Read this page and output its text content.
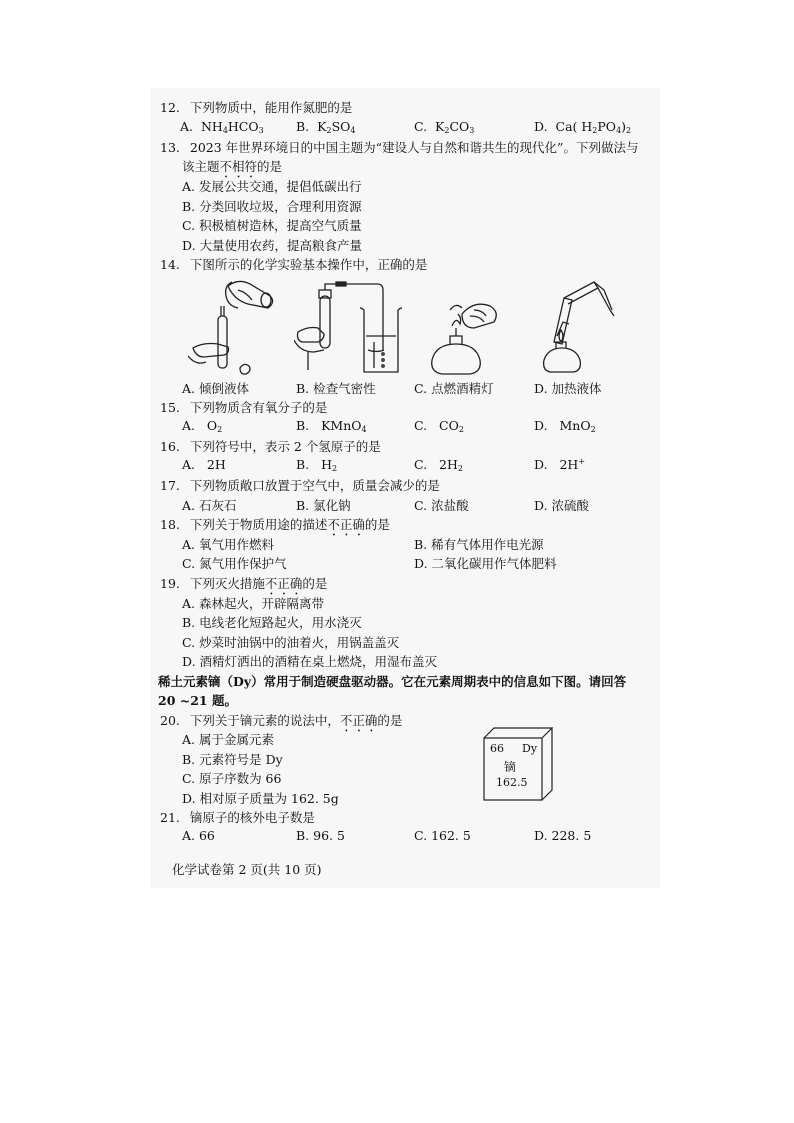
12. 下列物质中，能用作氮肥的是
A. $NH_4HCO_3$	B. $K_2SO_4$	C. $K_2CO_3$	D. Ca( $H_2PO_4)_2$
13. 2023 年世界环境日的中国主题为“建设人与自然和谐共生的现代化”。下列做法与
该主题不相符的是
A. 发展公共交通，提倡低碳出行
B. 分类回收垃圾，合理利用资源
C. 积极植树造林，提高空气质量
D. 大量使用农药，提高粮食产量
14. 下图所示的化学实验基本操作中，正确的是
A. 倾倒液体	B. 检查气密性	C. 点燃酒精灯	D. 加热液体
15. 下列物质含有氧分子的是
A.   $O_2$	B.   KMnO$_4$	C.   $CO_2$	D.   MnO$_2$
16. 下列符号中，表示 2 个氢原子的是
A.   2H	B.   $H_2$	C.   $2H_2$	D.   2H+
17. 下列物质敞口放置于空气中，质量会减少的是
A. 石灰石	B. 氯化钠	C. 浓盐酸	D. 浓硫酸
18. 下列关于物质用途的描述不正确的是
A. 氧气用作燃料	B. 稀有气体用作电光源
C. 氮气用作保护气	D. 二氧化碳用作气体肥料
19. 下列灭火措施不正确的是
A. 森林起火，开辟隔离带
B. 电线老化短路起火，用水浇灭
C. 炒菜时油锅中的油着火，用锅盖盖灭
D. 酒精灯洒出的酒精在桌上燃烧，用湿布盖灭
稀土元素镝（Dy）常用于制造硬盘驱动器。它在元素周期表中的信息如下图。请回答
20 ~21 题。
20. 下列关于镝元素的说法中，不正确的是
A. 属于金属元素
B. 元素符号是 Dy
C. 原子序数为 66
D. 相对原子质量为 162. 5g
66 Dy
镝
162.5
21. 镝原子的核外电子数是
A. 66	B. 96. 5	C. 162. 5	D. 228. 5
化学试卷第 2 页(共 10 页)
